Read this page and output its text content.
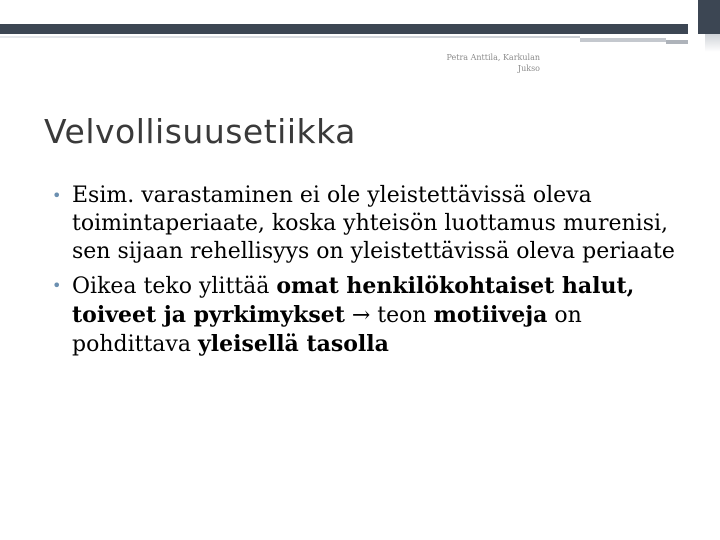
Petra Anttila, Karkulan
Jukso
Velvollisuusetiikka
• Esim. varastaminen ei ole yleistettävissä oleva toimintaperiaate, koska yhteisön luottamus murenisi, sen sijaan rehellisyys on yleistettävissä oleva periaate
• Oikea teko ylittää omat henkilökohtaiset halut, toiveet ja pyrkimykset → teon motiiveja on pohdittava yleisellä tasolla
